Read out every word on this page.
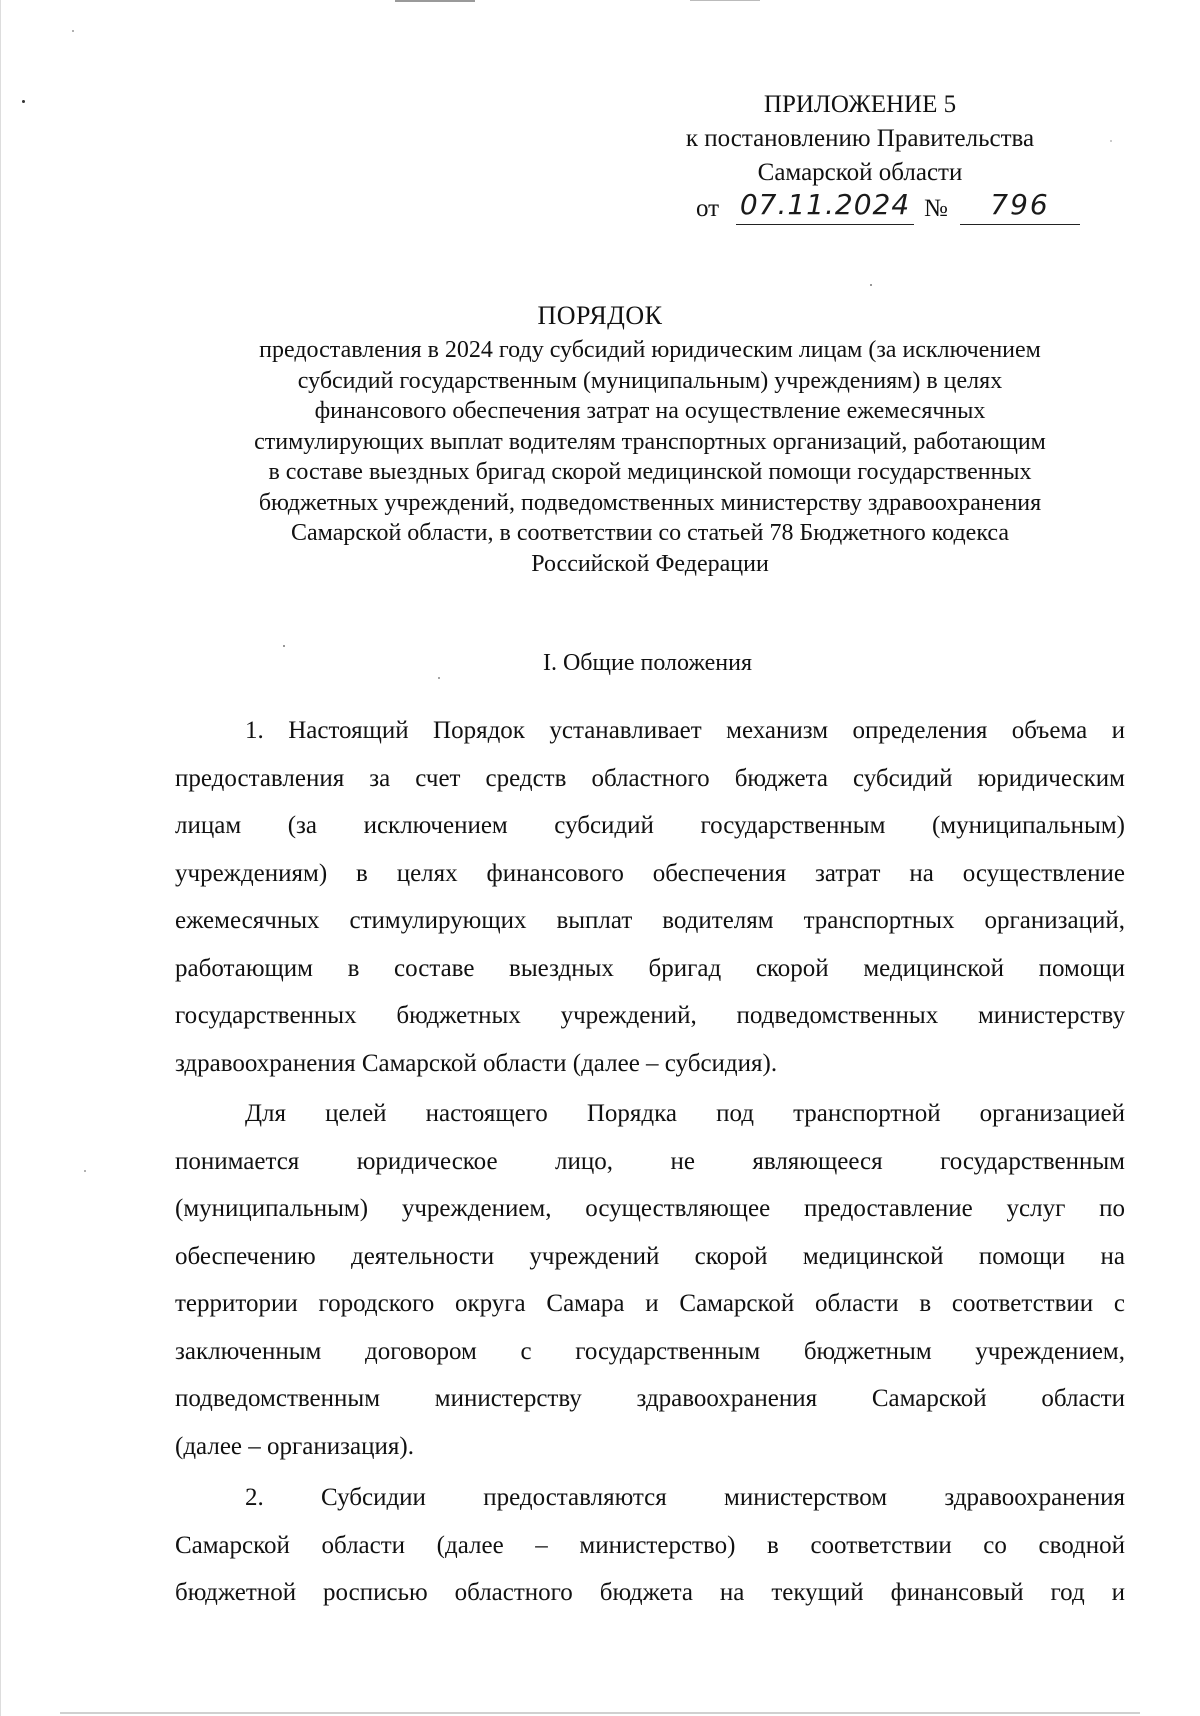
ПРИЛОЖЕНИЕ 5
к постановлению Правительства
Самарской области
от 07.11.2024 №	796
ПОРЯДОК
предоставления в 2024 году субсидий юридическим лицам (за исключением
субсидий государственным (муниципальным) учреждениям) в целях
финансового обеспечения затрат на осуществление ежемесячных
стимулирующих выплат водителям транспортных организаций, работающим
в составе выездных бригад скорой медицинской помощи государственных
бюджетных учреждений, подведомственных министерству здравоохранения
Самарской области, в соответствии со статьей 78 Бюджетного кодекса
Российской Федерации
I. Общие положения
1. Настоящий Порядок устанавливает механизм определения объема и
предоставления за счет средств областного бюджета субсидий юридическим
лицам (за исключением субсидий государственным (муниципальным)
учреждениям) в целях финансового обеспечения затрат на осуществление
ежемесячных стимулирующих выплат водителям транспортных организаций,
работающим в составе выездных бригад скорой медицинской помощи
государственных бюджетных учреждений, подведомственных министерству
здравоохранения Самарской области (далее – субсидия).
Для целей настоящего Порядка под транспортной организацией
понимается юридическое лицо, не являющееся государственным
(муниципальным) учреждением, осуществляющее предоставление услуг по
обеспечению деятельности учреждений скорой медицинской помощи на
территории городского округа Самара и Самарской области в соответствии с
заключенным договором с государственным бюджетным учреждением,
подведомственным министерству здравоохранения Самарской области
(далее – организация).
2. Субсидии предоставляются министерством здравоохранения
Самарской области (далее – министерство) в соответствии со сводной
бюджетной росписью областного бюджета на текущий финансовый год и
